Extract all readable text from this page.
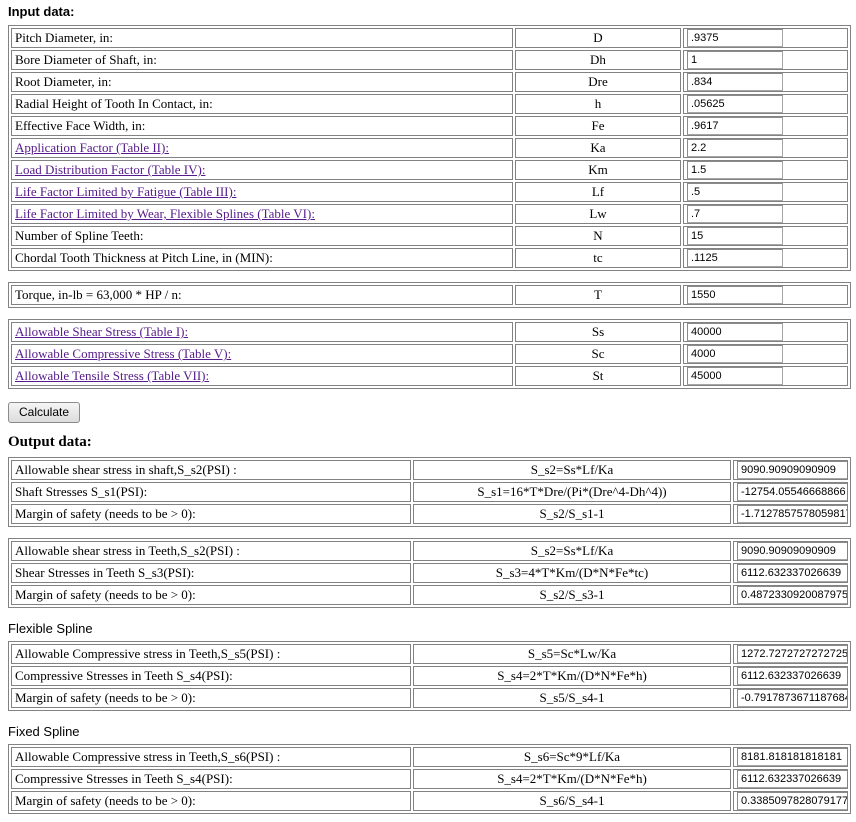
Input data:
Pitch Diameter, in:	D	.9375
Bore Diameter of Shaft, in:	Dh	1
Root Diameter, in:	Dre	.834
Radial Height of Tooth In Contact, in:	h	.05625
Effective Face Width, in:	Fe	.9617
Application Factor (Table II):	Ka	2.2
Load Distribution Factor (Table IV):	Km	1.5
Life Factor Limited by Fatigue (Table III):	Lf	.5
Life Factor Limited by Wear, Flexible Splines (Table VI):	Lw	.7
Number of Spline Teeth:	N	15
Chordal Tooth Thickness at Pitch Line, in (MIN):	tc	.1125
Torque, in-lb = 63,000 * HP / n:	T	1550
Allowable Shear Stress (Table I):	Ss	40000
Allowable Compressive Stress (Table V):	Sc	4000
Allowable Tensile Stress (Table VII):	St	45000
Calculate
Output data:
Allowable shear stress in shaft,S_s2(PSI) :	S_s2=Ss*Lf/Ka	9090.90909090909
Shaft Stresses S_s1(PSI):	S_s1=16*T*Dre/(Pi*(Dre^4-Dh^4))	-12754.05546668866
Margin of safety (needs to be > 0):	S_s2/S_s1-1	-1.7127857578059817
Allowable shear stress in Teeth,S_s2(PSI) :	S_s2=Ss*Lf/Ka	9090.90909090909
Shear Stresses in Teeth S_s3(PSI):	S_s3=4*T*Km/(D*N*Fe*tc)	6112.632337026639
Margin of safety (needs to be > 0):	S_s2/S_s3-1	0.4872330920087975
Flexible Spline
Allowable Compressive stress in Teeth,S_s5(PSI) :	S_s5=Sc*Lw/Ka	1272.7272727272725
Compressive Stresses in Teeth S_s4(PSI):	S_s4=2*T*Km/(D*N*Fe*h)	6112.632337026639
Margin of safety (needs to be > 0):	S_s5/S_s4-1	-0.7917873671187684
Fixed Spline
Allowable Compressive stress in Teeth,S_s6(PSI) :	S_s6=Sc*9*Lf/Ka	8181.818181818181
Compressive Stresses in Teeth S_s4(PSI):	S_s4=2*T*Km/(D*N*Fe*h)	6112.632337026639
Margin of safety (needs to be > 0):	S_s6/S_s4-1	0.33850978280791777
